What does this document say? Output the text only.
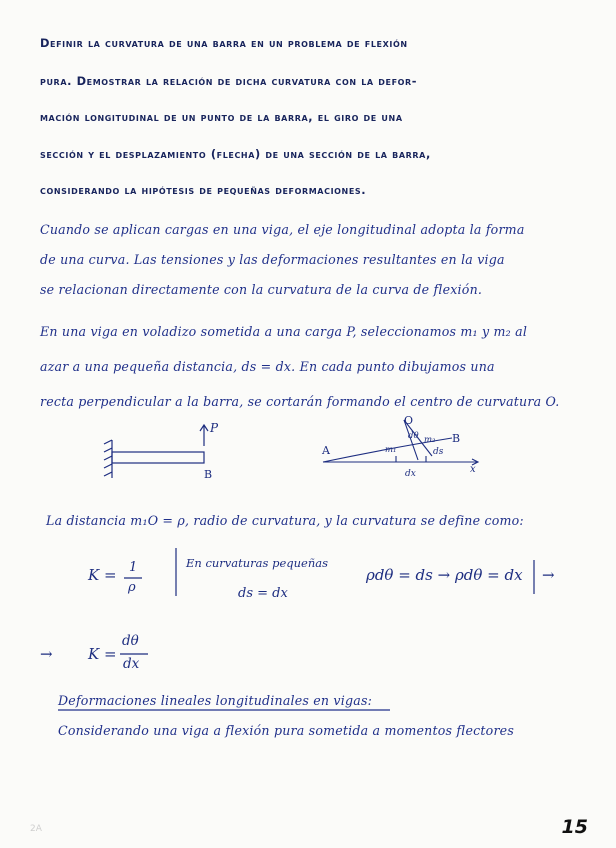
Definir la curvatura de una barra en un problema de flexión
pura. Demostrar la relación de dicha curvatura con la defor-
mación longitudinal de un punto de la barra, el giro de una
sección y el desplazamiento (flecha) de una sección de la barra,
considerando la hipótesis de pequeñas deformaciones.
Cuando se aplican cargas en una viga, el eje longitudinal adopta la forma
de una curva. Las tensiones y las deformaciones resultantes en la viga
se relacionan directamente con la curvatura de la curva de flexión.
En una viga en voladizo sometida a una carga P, seleccionamos m₁ y m₂ al
azar a una pequeña distancia, ds = dx. En cada punto dibujamos una
recta perpendicular a la barra, se cortarán formando el centro de curvatura O.
P
B
O
A
B
x
ds
dx
m₁
m₂
dθ
La distancia m₁O = ρ, radio de curvatura, y la curvatura se define como:
K = 1
ρ
En curvaturas pequeñas
ds = dx
ρdθ = ds → ρdθ = dx →
→ K =
dθ
dx
Deformaciones lineales longitudinales en vigas:
Considerando una viga a flexión pura sometida a momentos flectores
15
2A
